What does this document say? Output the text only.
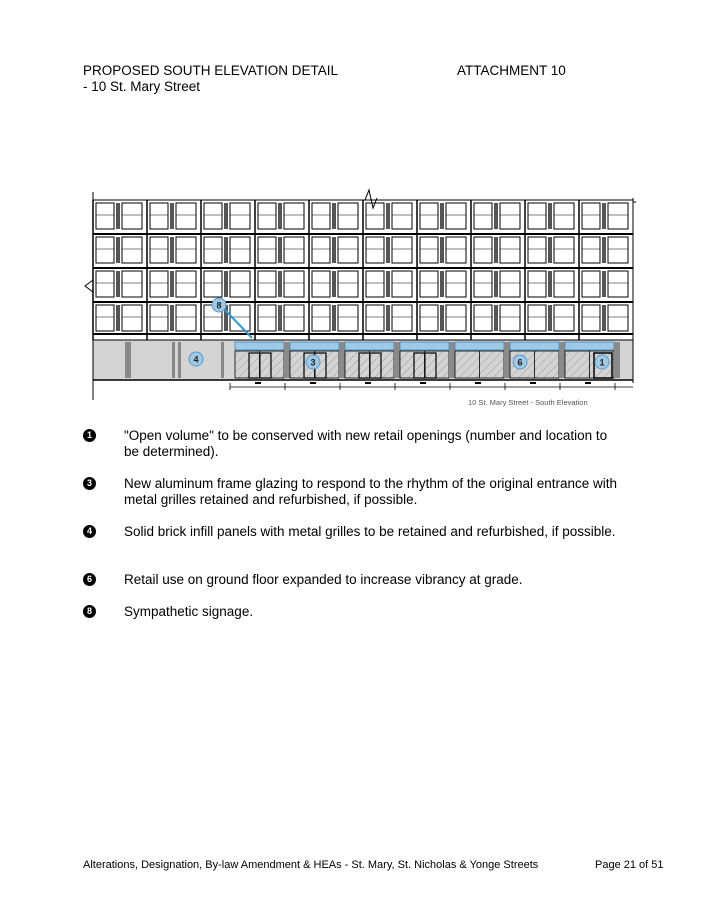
PROPOSED SOUTH ELEVATION DETAIL
- 10 St. Mary Street
ATTACHMENT 10
8
4	3	6	1
10 St. Mary Street - South Elevation
1 "Open volume" to be conserved with new retail openings (number and location to be determined).
3 New aluminum frame glazing to respond to the rhythm of the original entrance with metal grilles retained and refurbished, if possible.
4 Solid brick infill panels with metal grilles to be retained and refurbished, if possible.
6 Retail use on ground floor expanded to increase vibrancy at grade.
8 Sympathetic signage.
Alterations, Designation, By-law Amendment & HEAs - St. Mary, St. Nicholas & Yonge Streets	Page 21 of 51
